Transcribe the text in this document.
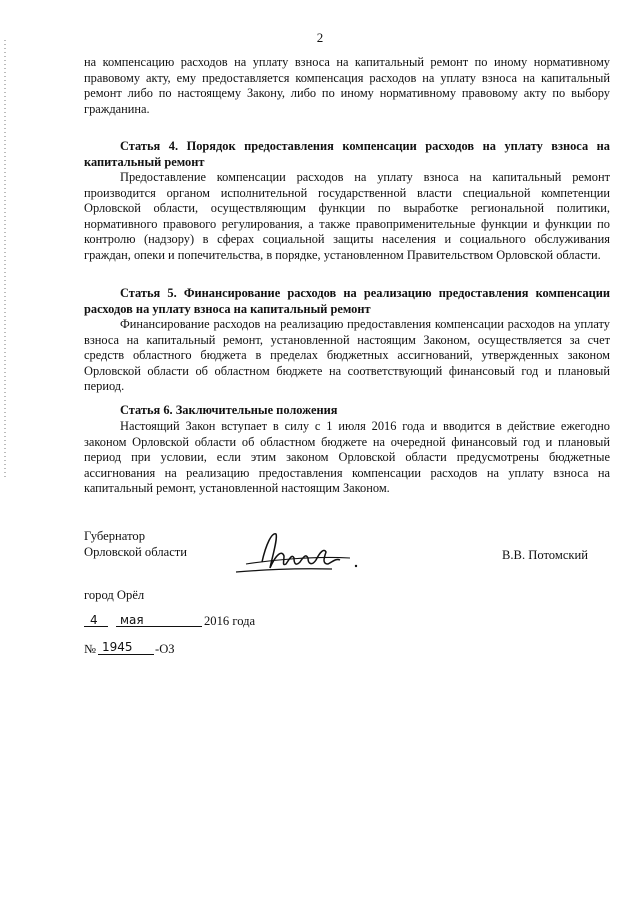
2
на компенсацию расходов на уплату взноса на капитальный ремонт по иному нормативному правовому акту, ему предоставляется компенсация расходов на уплату взноса на капитальный ремонт либо по настоящему Закону, либо по иному нормативному правовому акту по выбору гражданина.
Статья 4. Порядок предоставления компенсации расходов на уплату взноса на капитальный ремонт
Предоставление компенсации расходов на уплату взноса на капитальный ремонт производится органом исполнительной государственной власти специальной компетенции Орловской области, осуществляющим функции по выработке региональной политики, нормативного правового регулирования, а также правоприменительные функции и функции по контролю (надзору) в сферах социальной защиты населения и социального обслуживания граждан, опеки и попечительства, в порядке, установленном Правительством Орловской области.
Статья 5. Финансирование расходов на реализацию предоставления компенсации расходов на уплату взноса на капитальный ремонт
Финансирование расходов на реализацию предоставления компенсации расходов на уплату взноса на капитальный ремонт, установленной настоящим Законом, осуществляется за счет средств областного бюджета в пределах бюджетных ассигнований, утвержденных законом Орловской области об областном бюджете на соответствующий финансовый год и плановый период.
Статья 6. Заключительные положения
Настоящий Закон вступает в силу с 1 июля 2016 года и вводится в действие ежегодно законом Орловской области об областном бюджете на очередной финансовый год и плановый период при условии, если этим законом Орловской области предусмотрены бюджетные ассигнования на реализацию предоставления компенсации расходов на уплату взноса на капитальный ремонт, установленной настоящим Законом.
Губернатор
Орловской области	В.В. Потомский
город Орёл
4 мая	2016 года
№ 1945 -ОЗ
